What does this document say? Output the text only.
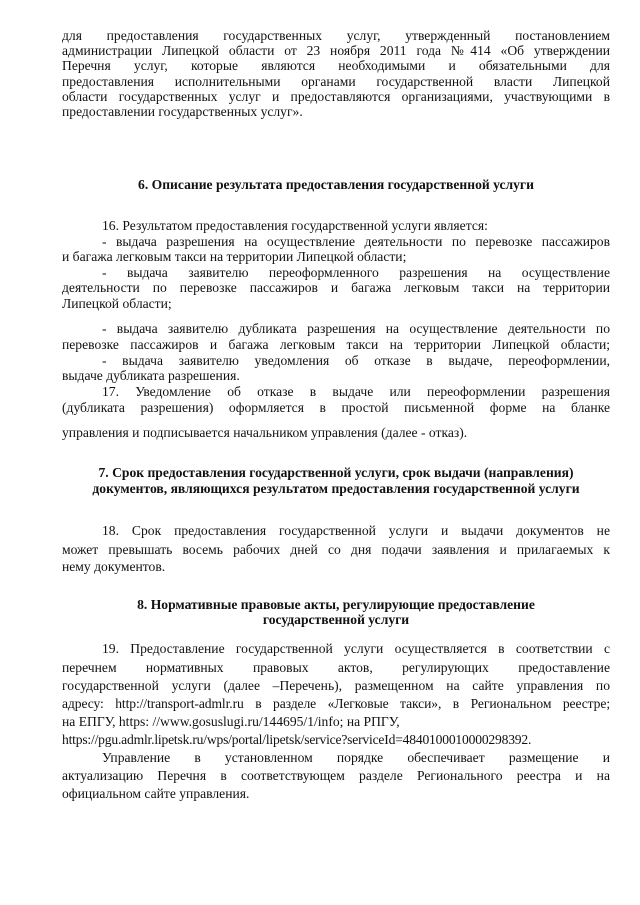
для предоставления государственных услуг, утвержденный постановлением

администрации Липецкой области от 23 ноября 2011 года №414 «Об утверждении

Перечня услуг, которые являются необходимыми и обязательными для

предоставления исполнительными органами государственной власти Липецкой

области государственных услуг и предоставляются организациями, участвующими в

предоставлении государственных услуг».

6. Описание результата предоставления государственной услуги

16. Результатом предоставления государственной услуги является:

- выдача разрешения на осуществление деятельности по перевозке пассажиров

и багажа легковым такси на территории Липецкой области;

- выдача заявителю переоформленного разрешения на осуществление

деятельности по перевозке пассажиров и багажа легковым такси на территории

Липецкой области;

- выдача заявителю дубликата разрешения на осуществление деятельности по

перевозке пассажиров и багажа легковым такси на территории Липецкой области;

- выдача заявителю уведомления об отказе в выдаче, переоформлении,

выдаче дубликата разрешения.

17. Уведомление об отказе в выдаче или переоформлении разрешения

(дубликата разрешения) оформляется в простой письменной форме на бланке

управления и подписывается начальником управления (далее - отказ).

7. Срок предоставления государственной услуги, срок выдачи (направления)

документов, являющихся результатом предоставления государственной услуги

18. Срок предоставления государственной услуги и выдачи документов не

может превышать восемь рабочих дней со дня подачи заявления и прилагаемых к

нему документов.

8. Нормативные правовые акты, регулирующие предоставление

государственной услуги

19. Предоставление государственной услуги осуществляется в соответствии с

перечнем нормативных правовых актов, регулирующих предоставление

государственной услуги (далее –Перечень), размещенном на сайте управления по

адресу: http://transport-admlr.ru в разделе «Легковые такси», в Региональном реестре;

на ЕПГУ, https: //www.gosuslugi.ru/144695/1/info; на РПГУ,

https://pgu.admlr.lipetsk.ru/wps/portal/lipetsk/service?serviceId=4840100010000298392.

Управление в установленном порядке обеспечивает размещение и

актуализацию Перечня в соответствующем разделе Регионального реестра и на

официальном сайте управления.
